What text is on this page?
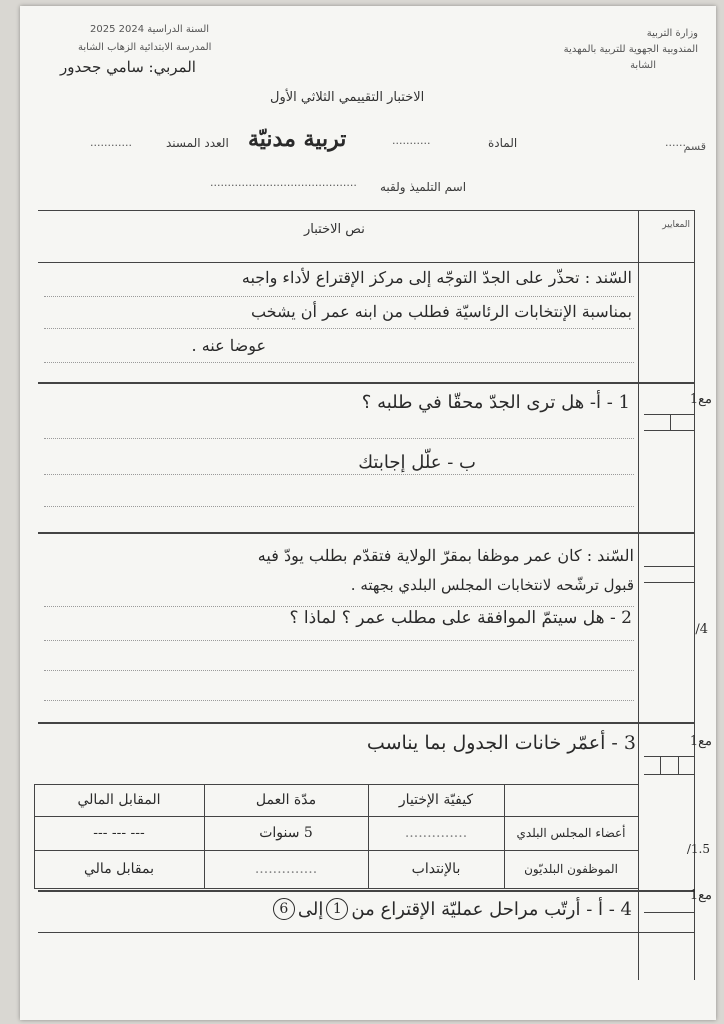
وزارة التربية
المندوبية الجهوية للتربية بالمهدية
الشابة
السنة الدراسية 2024 2025
المدرسة الابتدائية الزهاب الشابة
المربي: سامي جحدور
الاختبار التقييمي الثلاثي الأول
قسم
......
المادة
تربية مدنيّة	...........
العدد المسند
............
اسم التلميذ ولقبه
..........................................
المعايير
نص الاختبار
السّند : تحذّر على الجدّ التوجّه إلى مركز الإقتراع لأداء واجبه
بمناسبة الإنتخابات الرئاسيّة فطلب من ابنه عمر أن يشخب
عوضا عنه .
1 - أ- هل ترى الجدّ محقّا في طلبه ؟
ب - علّل إجابتك
مع1
السّند : كان عمر موظفا بمقرّ الولاية فتقدّم بطلب يودّ فيه
قبول ترشّحه لانتخابات المجلس البلدي بجهته .
2 - هل سيتمّ الموافقة على مطلب عمر ؟ لماذا ؟
4/
3 - أعمّر خانات الجدول بما يناسب	مع1
1.5/
كيفيّة الإختيار
مدّة العمل
المقابل المالي
أعضاء المجلس البلدي
..............
5 سنوات
--- --- ---
الموظفون البلديّون
بالإنتداب
..............
بمقابل مالي
مع1
4 - أ - أرتّب مراحل عمليّة الإقتراع من
1
إلى
6
